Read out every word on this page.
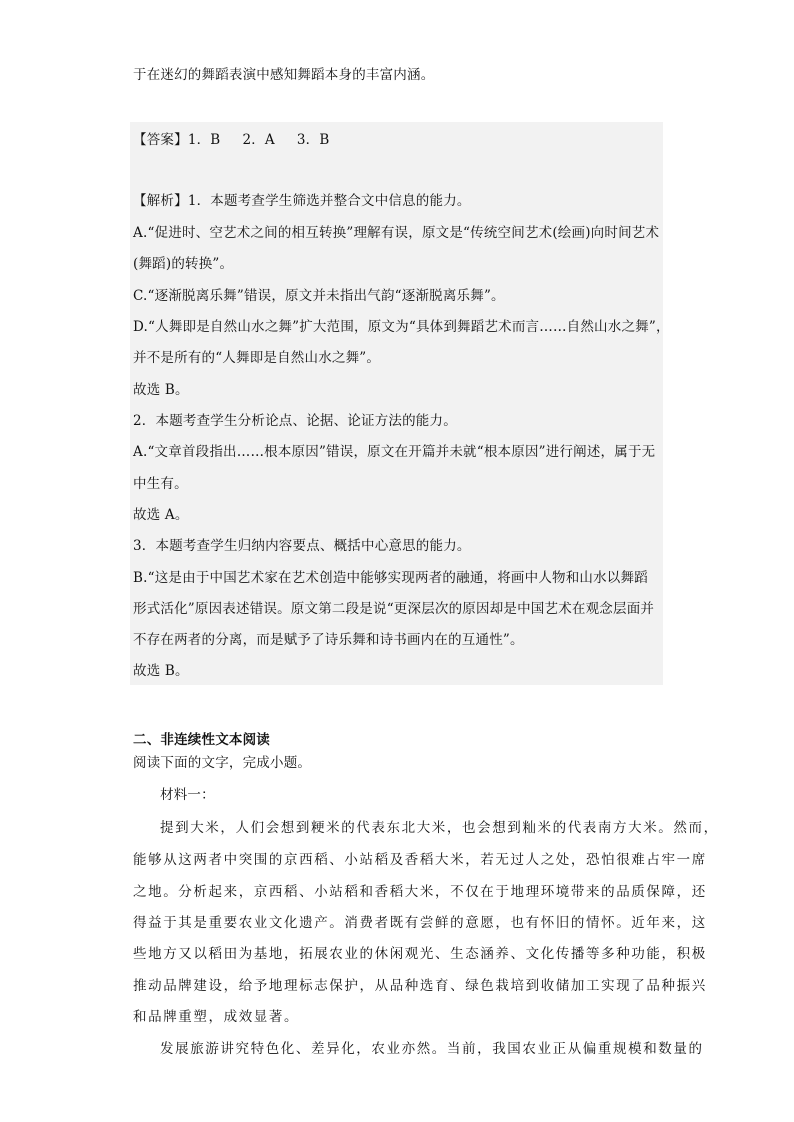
于在迷幻的舞蹈表演中感知舞蹈本身的丰富内涵。
【答案】1．B 2．A 3．B
【解析】1．本题考查学生筛选并整合文中信息的能力。
A.“促进时、空艺术之间的相互转换”理解有误，原文是“传统空间艺术(绘画)向时间艺术
(舞蹈)的转换”。
C.“逐渐脱离乐舞”错误，原文并未指出气韵“逐渐脱离乐舞”。
D.“人舞即是自然山水之舞”扩大范围，原文为“具体到舞蹈艺术而言……自然山水之舞”，
并不是所有的“人舞即是自然山水之舞”。
故选 B。
2．本题考查学生分析论点、论据、论证方法的能力。
A.“文章首段指出……根本原因”错误，原文在开篇并未就“根本原因”进行阐述，属于无
中生有。
故选 A。
3．本题考查学生归纳内容要点、概括中心意思的能力。
B.“这是由于中国艺术家在艺术创造中能够实现两者的融通，将画中人物和山水以舞蹈
形式活化”原因表述错误。原文第二段是说“更深层次的原因却是中国艺术在观念层面并
不存在两者的分离，而是赋予了诗乐舞和诗书画内在的互通性”。
故选 B。
二、非连续性文本阅读
阅读下面的文字，完成小题。
材料一：
提到大米，人们会想到粳米的代表东北大米，也会想到籼米的代表南方大米。然而，
能够从这两者中突围的京西稻、小站稻及香稻大米，若无过人之处，恐怕很难占牢一席
之地。分析起来，京西稻、小站稻和香稻大米，不仅在于地理环境带来的品质保障，还
得益于其是重要农业文化遗产。消费者既有尝鲜的意愿，也有怀旧的情怀。近年来，这
些地方又以稻田为基地，拓展农业的休闲观光、生态涵养、文化传播等多种功能，积极
推动品牌建设，给予地理标志保护，从品种选育、绿色栽培到收储加工实现了品种振兴
和品牌重塑，成效显著。
发展旅游讲究特色化、差异化，农业亦然。当前，我国农业正从偏重规模和数量的
